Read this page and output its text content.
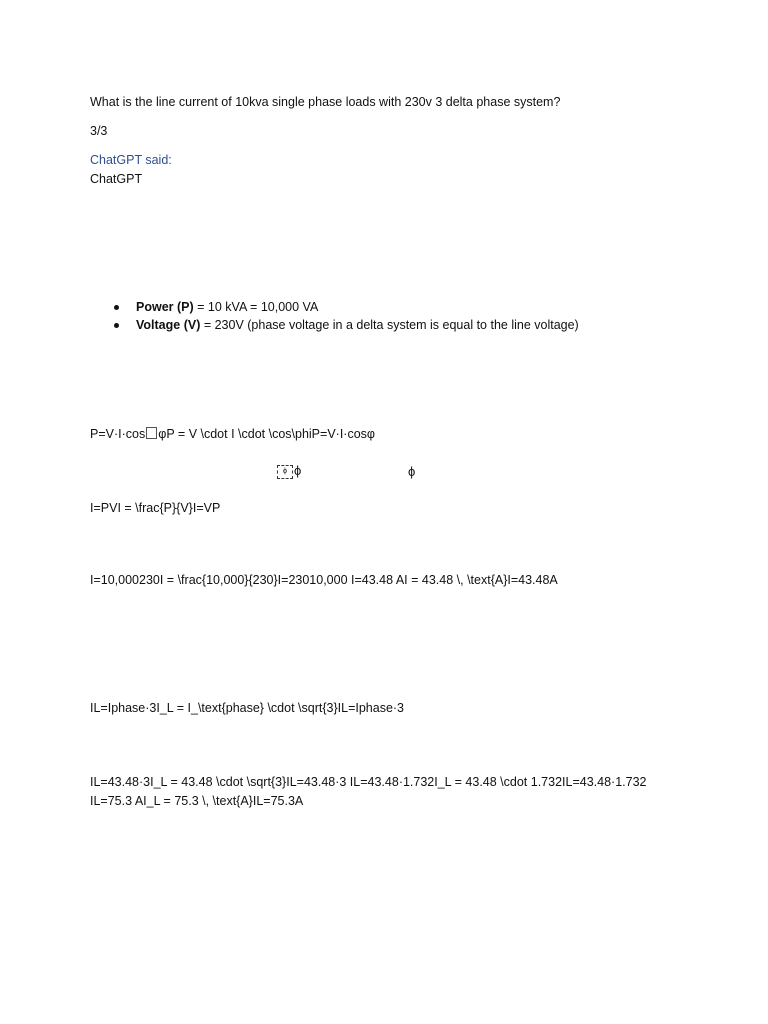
What is the line current of 10kva single phase loads with 230v 3 delta phase system?
3/3
ChatGPT said:
ChatGPT
Power (P) = 10 kVA = 10,000 VA
Voltage (V) = 230V (phase voltage in a delta system is equal to the line voltage)
P=V·I·cos φP = V \cdot I \cdot \cos\phiP=V·I·cosφ
ϕ ϕ	ϕ
I=PVI = \frac{P}{V}I=VP
I=10,000230I = \frac{10,000}{230}I=23010,000 I=43.48 AI = 43.48 \, \text{A}I=43.48A
IL=Iphase·3I_L = I_\text{phase} \cdot \sqrt{3}IL=Iphase·3
IL=43.48·3I_L = 43.48 \cdot \sqrt{3}IL=43.48·3 IL=43.48·1.732I_L = 43.48 \cdot 1.732IL=43.48·1.732
IL=75.3 AI_L = 75.3 \, \text{A}IL=75.3A
